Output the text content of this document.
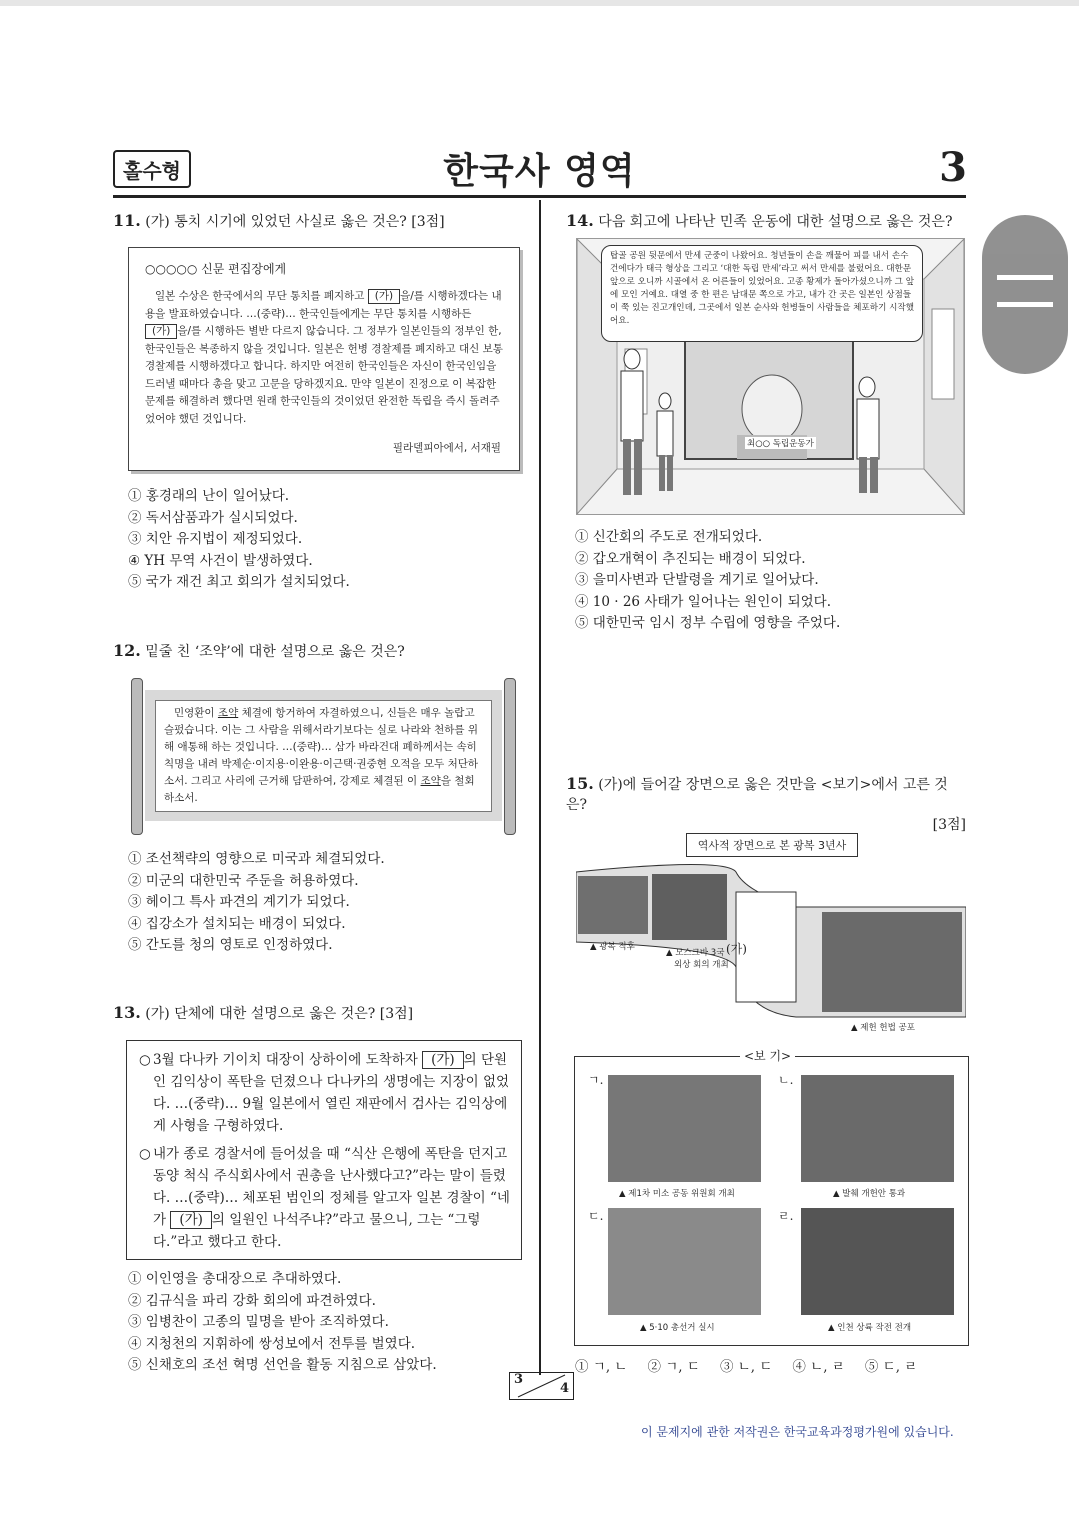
홀수형	한국사 영역	3
11. (가) 통치 시기에 있었던 사실로 옳은 것은? [3점]
○○○○○ 신문 편집장에게
일본 수상은 한국에서의 무단 통치를 폐지하고 (가) 을/를 시행하겠다는 내용을 발표하였습니다. …(중략)… 한국인들에게는 무단 통치를 시행하든 (가) 을/를 시행하든 별반 다르지 않습니다. 그 정부가 일본인들의 정부인 한, 한국인들은 복종하지 않을 것입니다. 일본은 헌병 경찰제를 폐지하고 대신 보통 경찰제를 시행하겠다고 합니다. 하지만 여전히 한국인들은 자신이 한국인임을 드러낼 때마다 총을 맞고 고문을 당하겠지요. 만약 일본이 진정으로 이 복잡한 문제를 해결하려 했다면 원래 한국인들의 것이었던 완전한 독립을 즉시 돌려주었어야 했던 것입니다.
필라델피아에서, 서재필
① 홍경래의 난이 일어났다.
② 독서삼품과가 실시되었다.
③ 치안 유지법이 제정되었다.
④ YH 무역 사건이 발생하였다.
⑤ 국가 재건 최고 회의가 설치되었다.
12. 밑줄 친 ‘조약’에 대한 설명으로 옳은 것은?
민영환이 조약 체결에 항거하여 자결하였으니, 신들은 매우 놀랍고 슬펐습니다. 이는 그 사람을 위해서라기보다는 실로 나라와 천하를 위해 애통해 하는 것입니다. …(중략)… 삼가 바라건대 폐하께서는 속히 칙명을 내려 박제순·이지용·이완용·이근택·권중현 오적을 모두 처단하소서. 그리고 사리에 근거해 담판하여, 강제로 체결된 이 조약을 철회하소서.
① 조선책략의 영향으로 미국과 체결되었다.
② 미군의 대한민국 주둔을 허용하였다.
③ 헤이그 특사 파견의 계기가 되었다.
④ 집강소가 설치되는 배경이 되었다.
⑤ 간도를 청의 영토로 인정하였다.
13. (가) 단체에 대한 설명으로 옳은 것은? [3점]
○ 3월 다나카 기이치 대장이 상하이에 도착하자 (가) 의 단원인 김익상이 폭탄을 던졌으나 다나카의 생명에는 지장이 없었다. …(중략)… 9월 일본에서 열린 재판에서 검사는 김익상에게 사형을 구형하였다.
○ 내가 종로 경찰서에 들어섰을 때 “식산 은행에 폭탄을 던지고 동양 척식 주식회사에서 권총을 난사했다고?”라는 말이 들렸다. …(중략)… 체포된 범인의 정체를 알고자 일본 경찰이 “네가 (가) 의 일원인 나석주냐?”라고 물으니, 그는 “그렇다.”라고 했다고 한다.
① 이인영을 총대장으로 추대하였다.
② 김규식을 파리 강화 회의에 파견하였다.
③ 임병찬이 고종의 밀명을 받아 조직하였다.
④ 지청천의 지휘하에 쌍성보에서 전투를 벌였다.
⑤ 신채호의 조선 혁명 선언을 활동 지침으로 삼았다.
14. 다음 회고에 나타난 민족 운동에 대한 설명으로 옳은 것은?
최○○ 독립운동가
탑골 공원 뒷문에서 만세 군중이 나왔어요. 청년들이 손을 깨물어 피를 내서 손수건에다가 태극 형상을 그리고 ‘대한 독립 만세’라고 써서 만세를 불렀어요. 대한문 앞으로 오니까 시골에서 온 어른들이 있었어요. 고종 황제가 돌아가셨으니까 그 앞에 모인 거예요. 대열 중 한 편은 남대문 쪽으로 가고, 내가 간 곳은 일본인 상점들이 쭉 있는 진고개인데, 그곳에서 일본 순사와 헌병들이 사람들을 체포하기 시작했어요.
① 신간회의 주도로 전개되었다.
② 갑오개혁이 추진되는 배경이 되었다.
③ 을미사변과 단발령을 계기로 일어났다.
④ 10 · 26 사태가 일어나는 원인이 되었다.
⑤ 대한민국 임시 정부 수립에 영향을 주었다.
15. (가)에 들어갈 장면으로 옳은 것만을 <보기>에서 고른 것은?
[3점]
역사적 장면으로 본 광복 3년사
(가)
▲ 광복 직후
▲ 모스크바 3국
외상 회의 개최
▲ 제헌 헌법 공포
<보 기>
ㄱ.
▲ 제1차 미소 공동 위원회 개최
ㄴ.
▲ 발췌 개헌안 통과
ㄷ.
▲ 5·10 총선거 실시
ㄹ.
▲ 인천 상륙 작전 전개
① ㄱ, ㄴ ② ㄱ, ㄷ ③ ㄴ, ㄷ ④ ㄴ, ㄹ ⑤ ㄷ, ㄹ
3
4
이 문제지에 관한 저작권은 한국교육과정평가원에 있습니다.
